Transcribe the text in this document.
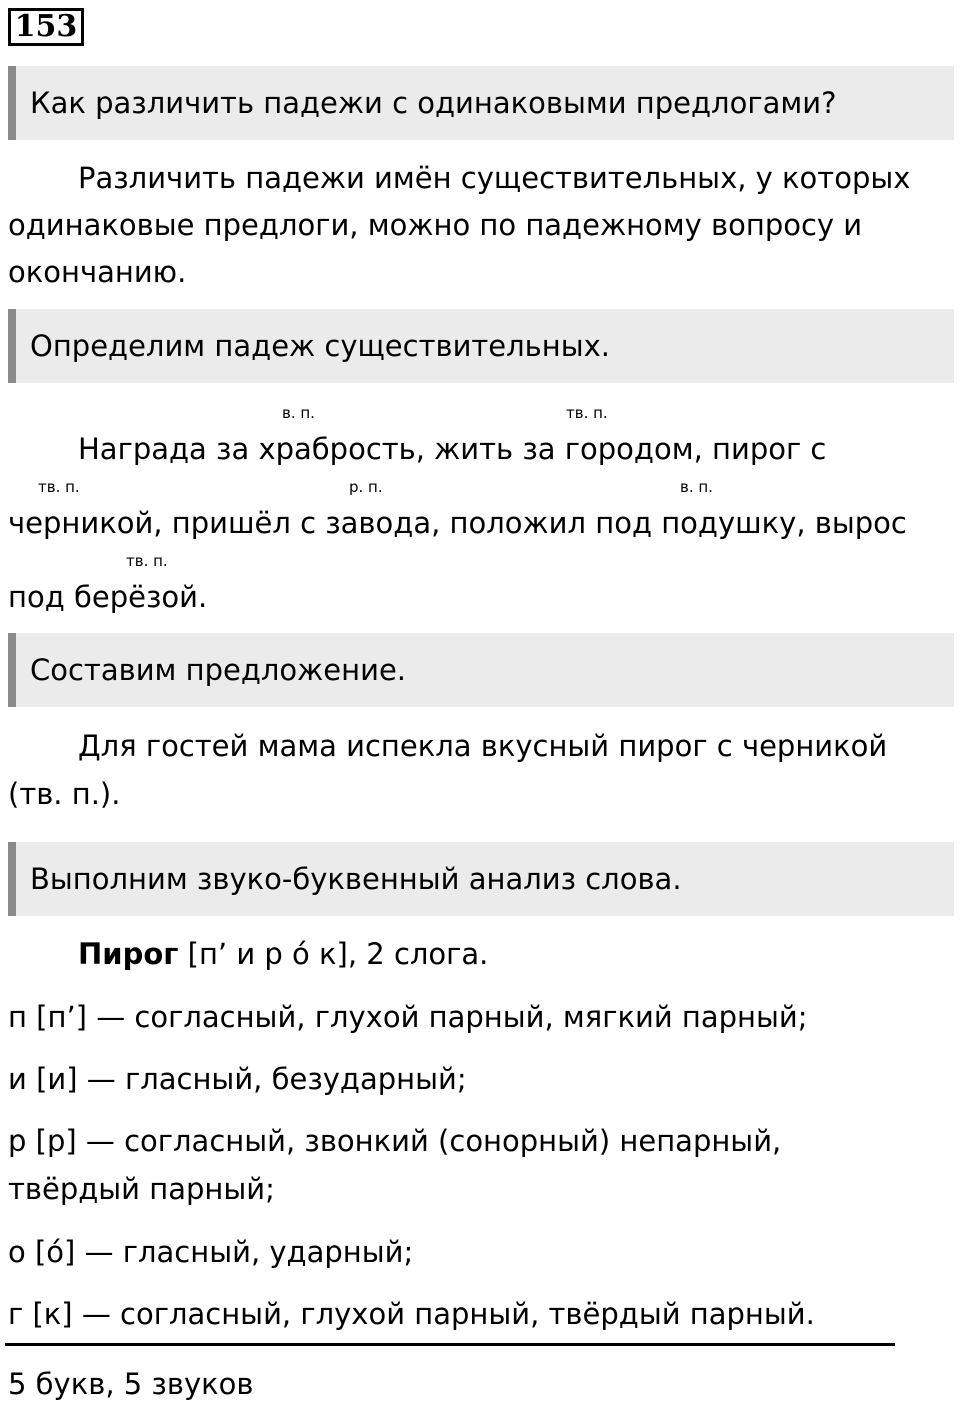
153
Как различить падежи с одинаковыми предлогами?
Различить падежи имён существительных, у которых
одинаковые предлоги, можно по падежному вопросу и
окончанию.
Определим падеж существительных.
в. п.	тв. п.
Награда за храбрость, жить за городом, пирог с
тв. п.	р. п.	в. п.
черникой, пришёл с завода, положил под подушку, вырос
тв. п.
под берёзой.
Составим предложение.
Для гостей мама испекла вкусный пирог с черникой
(тв. п.).
Выполним звуко-буквенный анализ слова.
Пирог [п’ и р ó к], 2 слога.
п [п’] — согласный, глухой парный, мягкий парный;
и [и] — гласный, безударный;
р [р] — согласный, звонкий (сонорный) непарный,
твёрдый парный;
о [ó] — гласный, ударный;
г [к] — согласный, глухой парный, твёрдый парный.
5 букв, 5 звуков
